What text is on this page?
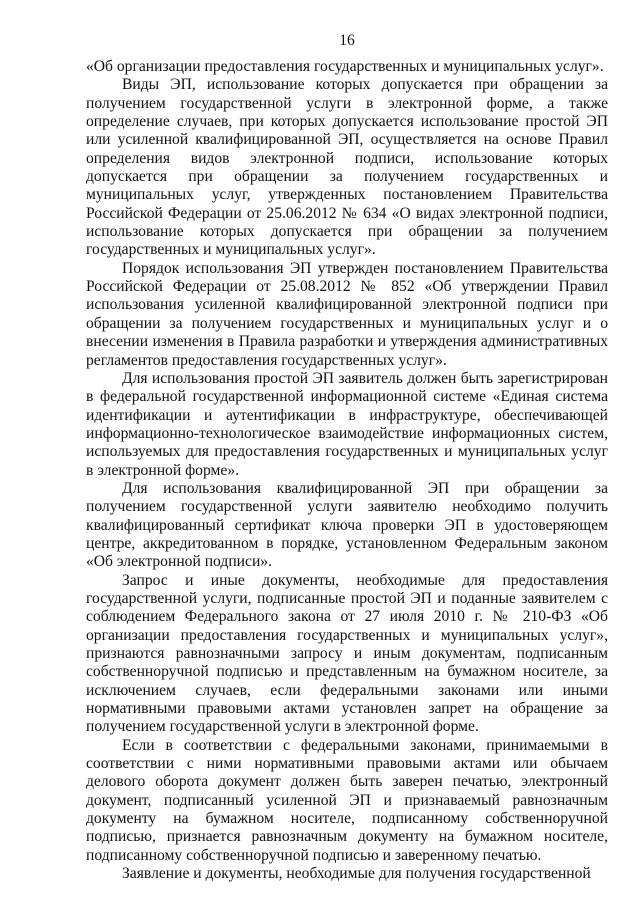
16

«Об организации предоставления государственных и муниципальных услуг».

Виды ЭП, использование которых допускается при обращении за получением государственной услуги в электронной форме, а также определение случаев, при которых допускается использование простой ЭП или усиленной квалифицированной ЭП, осуществляется на основе Правил определения видов электронной подписи, использование которых допускается при обращении за получением государственных и муниципальных услуг, утвержденных постановлением Правительства Российской Федерации от 25.06.2012 № 634 «О видах электронной подписи, использование которых допускается при обращении за получением государственных и муниципальных услуг».

Порядок использования ЭП утвержден постановлением Правительства Российской Федерации от 25.08.2012 № 852 «Об утверждении Правил использования усиленной квалифицированной электронной подписи при обращении за получением государственных и муниципальных услуг и о внесении изменения в Правила разработки и утверждения административных регламентов предоставления государственных услуг».

Для использования простой ЭП заявитель должен быть зарегистрирован в федеральной государственной информационной системе «Единая система идентификации и аутентификации в инфраструктуре, обеспечивающей информационно-технологическое взаимодействие информационных систем, используемых для предоставления государственных и муниципальных услуг в электронной форме».

Для использования квалифицированной ЭП при обращении за получением государственной услуги заявителю необходимо получить квалифицированный сертификат ключа проверки ЭП в удостоверяющем центре, аккредитованном в порядке, установленном Федеральным законом «Об электронной подписи».

Запрос и иные документы, необходимые для предоставления государственной услуги, подписанные простой ЭП и поданные заявителем с соблюдением Федерального закона от 27 июля 2010 г. № 210-ФЗ «Об организации предоставления государственных и муниципальных услуг», признаются равнозначными запросу и иным документам, подписанным собственноручной подписью и представленным на бумажном носителе, за исключением случаев, если федеральными законами или иными нормативными правовыми актами установлен запрет на обращение за получением государственной услуги в электронной форме.

Если в соответствии с федеральными законами, принимаемыми в соответствии с ними нормативными правовыми актами или обычаем делового оборота документ должен быть заверен печатью, электронный документ, подписанный усиленной ЭП и признаваемый равнозначным документу на бумажном носителе, подписанному собственноручной подписью, признается равнозначным документу на бумажном носителе, подписанному собственноручной подписью и заверенному печатью.

Заявление и документы, необходимые для получения государственной
